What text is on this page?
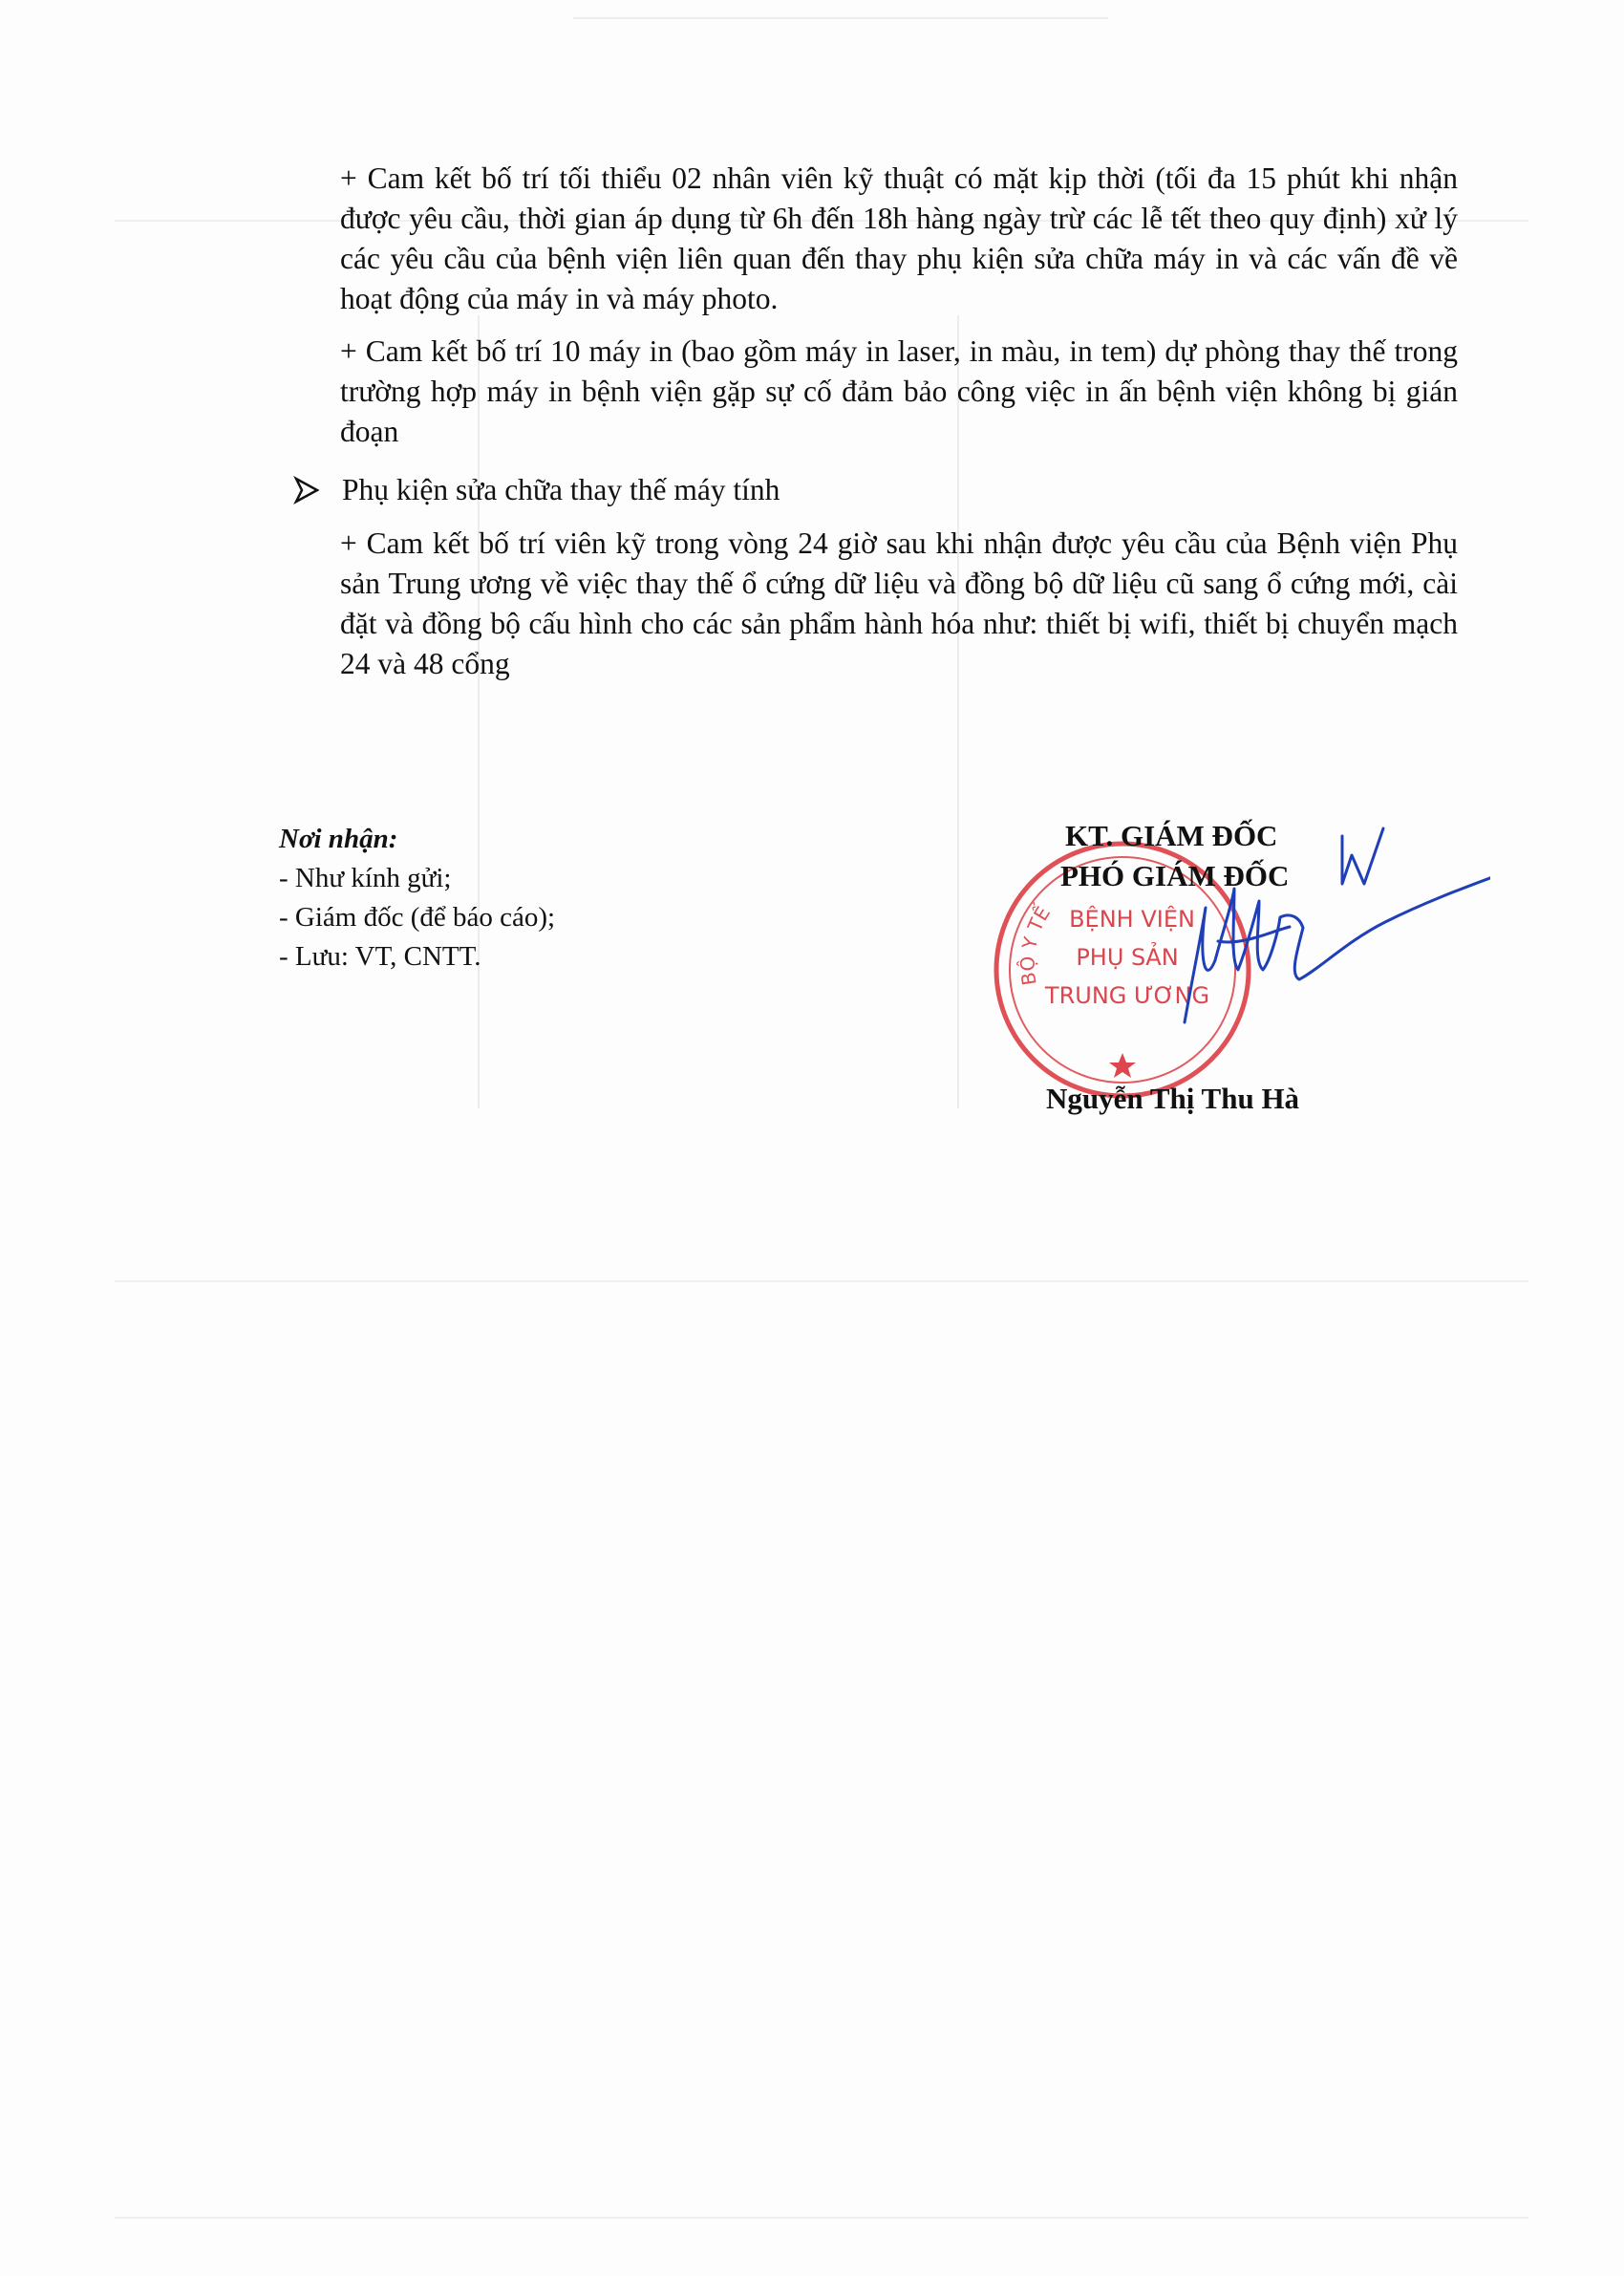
+ Cam kết bố trí tối thiểu 02 nhân viên kỹ thuật có mặt kịp thời (tối đa 15 phút khi nhận được yêu cầu, thời gian áp dụng từ 6h đến 18h hàng ngày trừ các lễ tết theo quy định) xử lý các yêu cầu của bệnh viện liên quan đến thay phụ kiện sửa chữa máy in và các vấn đề về hoạt động của máy in và máy photo.
+ Cam kết bố trí 10 máy in (bao gồm máy in laser, in màu, in tem) dự phòng thay thế trong trường hợp máy in bệnh viện gặp sự cố đảm bảo công việc in ấn bệnh viện không bị gián đoạn
Phụ kiện sửa chữa thay thế máy tính
+ Cam kết bố trí viên kỹ trong vòng 24 giờ sau khi nhận được yêu cầu của Bệnh viện Phụ sản Trung ương về việc thay thế ổ cứng dữ liệu và đồng bộ dữ liệu cũ sang ổ cứng mới, cài đặt và đồng bộ cấu hình cho các sản phẩm hành hóa như: thiết bị wifi, thiết bị chuyển mạch 24 và 48 cổng
Nơi nhận:
- Như kính gửi;
- Giám đốc (để báo cáo);
- Lưu: VT, CNTT.
BỘ Y TẾ BỆNH VIỆN
PHỤ SẢN
TRUNG ƯƠNG
KT. GIÁM ĐỐC
PHÓ GIÁM ĐỐC
Nguyễn Thị Thu Hà
